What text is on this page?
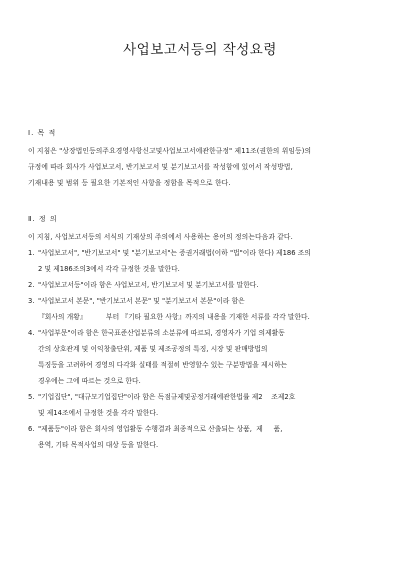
사업보고서등의 작성요령
Ⅰ. 목 적
이 지침은 "상장법인등의주요경영사항신고및사업보고서에관한규정" 제11조(권한의 위임등)의
규정에 따라 회사가 사업보고서, 반기보고서 및 분기보고서를 작성함에 있어서 작성방법,
기재내용 및 범위 등 필요한 기본적인 사항을 정함을 목적으로 한다.
Ⅱ. 정 의
이 지침, 사업보고서등의 서식의 기재상의 주의에서 사용하는 용어의 정의는다음과 같다.
1. "사업보고서", "반기보고서" 및 "분기보고서"는 증권거래법(이하 "법"이라 한다) 제186 조의
2 및 제186조의3에서 각각 규정한 것을 말한다.
2. "사업보고서등"이라 함은 사업보고서, 반기보고서 및 분기보고서를 말한다.
3. "사업보고서 본문", "반기보고서 본문" 및 "분기보고서 본문"이라 함은
『회사의 개황』         부터 『기타 필요한 사항』까지의 내용을 기재한 서류를 각각 말한다.
4. "사업부문"이라 함은 한국표준산업분류의 소분류에 따르되, 경영자가 기업 의제활동
간의 상호관계 및 이익창출단위, 제품 및 제조공정의 특징, 시장 및 판매방법의
특징등을 고려하여 경영의 다각화 실태를 적절히 반영할수 있는 구분방법을 제시하는
경우에는 그에 따르는 것으로 한다.
5. "기업집단", "대규모기업집단"이라 함은 독점규제및공정거래에관한법률 제2    조제2호
및 제14조에서 규정한 것을 각각 말한다.
6. "제품등"이라 함은 회사의 영업활동 수행결과 최종적으로 산출되는 상품,  제     품,
용역, 기타 목적사업의 대상 등을 말한다.
